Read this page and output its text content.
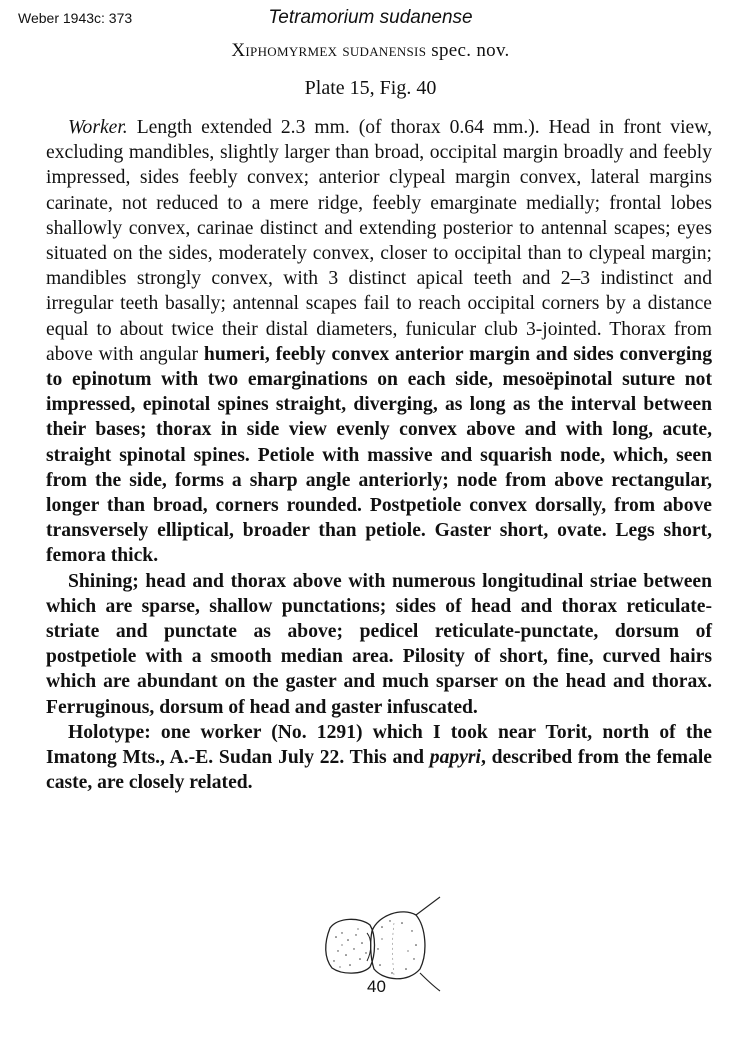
Weber 1943c: 373	Tetramorium sudanense
Xiphomyrmex sudanensis spec. nov.
Plate 15, Fig. 40

Worker. Length extended 2.3 mm. (of thorax 0.64 mm.). Head in front view, excluding mandibles, slightly larger than broad, occipital margin broadly and feebly impressed, sides feebly convex; anterior clypeal margin convex, lateral margins carinate, not reduced to a mere ridge, feebly emarginate medially; frontal lobes shallowly convex, carinae distinct and extending posterior to antennal scapes; eyes situated on the sides, moderately convex, closer to occipital than to clypeal margin; mandibles strongly convex, with 3 distinct apical teeth and 2–3 indistinct and irregular teeth basally; antennal scapes fail to reach occipital corners by a distance equal to about twice their distal diameters, funicular club 3-jointed. Thorax from above with angular humeri, feebly convex anterior margin and sides converging to epinotum with two emarginations on each side, mesoëpinotal suture not impressed, epinotal spines straight, diverging, as long as the interval between their bases; thorax in side view evenly convex above and with long, acute, straight spinotal spines. Petiole with massive and squarish node, which, seen from the side, forms a sharp angle anteriorly; node from above rectangular, longer than broad, corners rounded. Postpetiole convex dorsally, from above transversely elliptical, broader than petiole. Gaster short, ovate. Legs short, femora thick.

Shining; head and thorax above with numerous longitudinal striae between which are sparse, shallow punctations; sides of head and thorax reticulate-striate and punctate as above; pedicel reticulate-punctate, dorsum of postpetiole with a smooth median area. Pilosity of short, fine, curved hairs which are abundant on the gaster and much sparser on the head and thorax. Ferruginous, dorsum of head and gaster infuscated.

Holotype: one worker (No. 1291) which I took near Torit, north of the Imatong Mts., A.-E. Sudan July 22. This and papyri, described from the female caste, are closely related.

40
